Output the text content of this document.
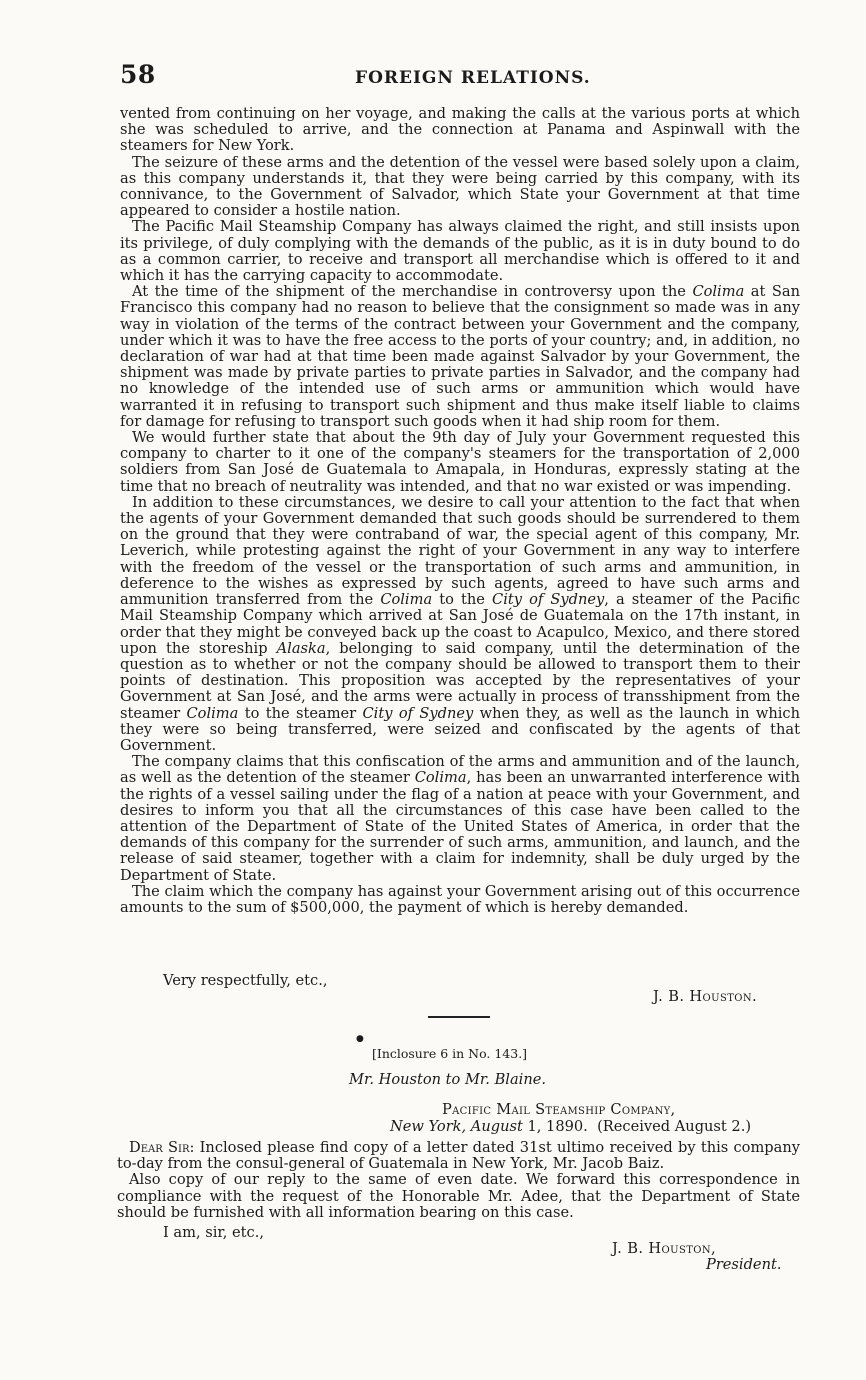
58	FOREIGN RELATIONS.

vented from continuing on her voyage, and making the calls at the various ports at which she was scheduled to arrive, and the connection at Panama and Aspinwall with the steamers for New York.

The seizure of these arms and the detention of the vessel were based solely upon a claim, as this company understands it, that they were being carried by this company, with its connivance, to the Government of Salvador, which State your Government at that time appeared to consider a hostile nation.

The Pacific Mail Steamship Company has always claimed the right, and still insists upon its privilege, of duly complying with the demands of the public, as it is in duty bound to do as a common carrier, to receive and transport all merchandise which is offered to it and which it has the carrying capacity to accommodate.

At the time of the shipment of the merchandise in controversy upon the Colima at San Francisco this company had no reason to believe that the consignment so made was in any way in violation of the terms of the contract between your Government and the company, under which it was to have the free access to the ports of your country; and, in addition, no declaration of war had at that time been made against Salvador by your Government, the shipment was made by private parties to private parties in Salvador, and the company had no knowledge of the intended use of such arms or ammunition which would have warranted it in refusing to transport such shipment and thus make itself liable to claims for damage for refusing to transport such goods when it had ship room for them.

We would further state that about the 9th day of July your Government requested this company to charter to it one of the company's steamers for the transportation of 2,000 soldiers from San José de Guatemala to Amapala, in Honduras, expressly stating at the time that no breach of neutrality was intended, and that no war existed or was impending.

In addition to these circumstances, we desire to call your attention to the fact that when the agents of your Government demanded that such goods should be surrendered to them on the ground that they were contraband of war, the special agent of this company, Mr. Leverich, while protesting against the right of your Government in any way to interfere with the freedom of the vessel or the transportation of such arms and ammunition, in deference to the wishes as expressed by such agents, agreed to have such arms and ammunition transferred from the Colima to the City of Sydney, a steamer of the Pacific Mail Steamship Company which arrived at San José de Guatemala on the 17th instant, in order that they might be conveyed back up the coast to Acapulco, Mexico, and there stored upon the storeship Alaska, belonging to said company, until the determination of the question as to whether or not the company should be allowed to transport them to their points of destination. This proposition was accepted by the representatives of your Government at San José, and the arms were actually in process of transshipment from the steamer Colima to the steamer City of Sydney when they, as well as the launch in which they were so being transferred, were seized and confiscated by the agents of that Government.

The company claims that this confiscation of the arms and ammunition and of the launch, as well as the detention of the steamer Colima, has been an unwarranted interference with the rights of a vessel sailing under the flag of a nation at peace with your Government, and desires to inform you that all the circumstances of this case have been called to the attention of the Department of State of the United States of America, in order that the demands of this company for the surrender of such arms, ammunition, and launch, and the release of said steamer, together with a claim for indemnity, shall be duly urged by the Department of State.

The claim which the company has against your Government arising out of this occurrence amounts to the sum of $500,000, the payment of which is hereby demanded.

Very respectfully, etc.,
J. B. Houston.
●
[Inclosure 6 in No. 143.]
Mr. Houston to Mr. Blaine.
Pacific Mail Steamship Company,
New York, August 1, 1890. (Received August 2.)

Dear Sir: Inclosed please find copy of a letter dated 31st ultimo received by this company to-day from the consul-general of Guatemala in New York, Mr. Jacob Baiz.

Also copy of our reply to the same of even date. We forward this correspondence in compliance with the request of the Honorable Mr. Adee, that the Department of State should be furnished with all information bearing on this case.

I am, sir, etc.,
J. B. Houston,
President.
